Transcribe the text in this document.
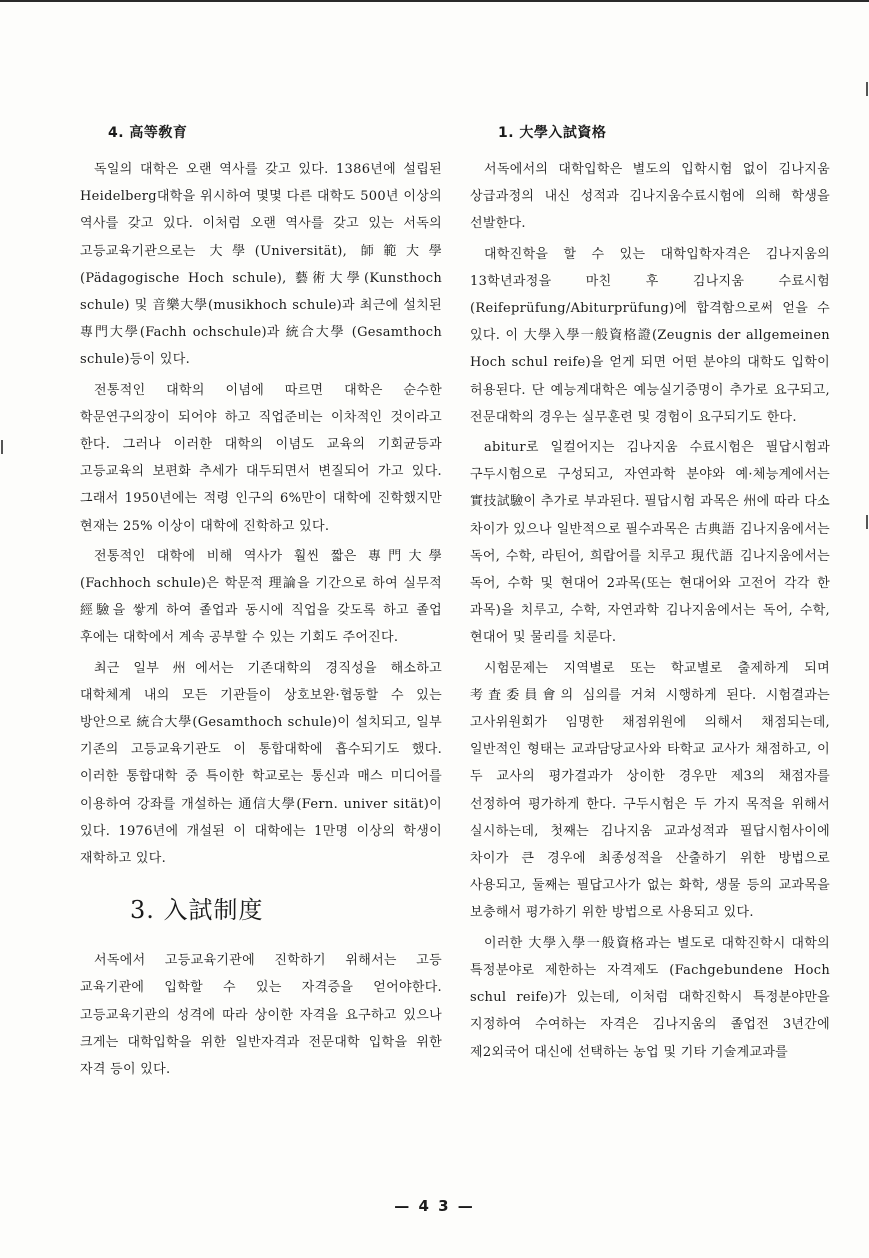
4. 高等敎育

독일의 대학은 오랜 역사를 갖고 있다. 1386년에 설립된 Heidelberg대학을 위시하여 몇몇 다른 대학도 500년 이상의 역사를 갖고 있다. 이처럼 오랜 역사를 갖고 있는 서독의 고등교육기관으로는 大學(Universität), 師範大學(Pädagogische Hoch schule), 藝術大學(Kunsthoch schule) 및 音樂大學(musikhoch schule)과 최근에 설치된 專門大學(Fachh ochschule)과 統合大學 (Gesamthoch schule)등이 있다.

전통적인 대학의 이념에 따르면 대학은 순수한 학문연구의장이 되어야 하고 직업준비는 이차적인 것이라고 한다. 그러나 이러한 대학의 이념도 교육의 기회균등과 고등교육의 보편화 추세가 대두되면서 변질되어 가고 있다. 그래서 1950년에는 적령 인구의 6%만이 대학에 진학했지만 현재는 25% 이상이 대학에 진학하고 있다.

전통적인 대학에 비해 역사가 훨씬 짧은 專門大學(Fachhoch schule)은 학문적 理論을 기간으로 하여 실무적 經驗을 쌓게 하여 졸업과 동시에 직업을 갖도록 하고 졸업 후에는 대학에서 계속 공부할 수 있는 기회도 주어진다.

최근 일부 州에서는 기존대학의 경직성을 해소하고 대학체계 내의 모든 기관들이 상호보완·협동할 수 있는 방안으로 統合大學(Gesamthoch schule)이 설치되고, 일부 기존의 고등교육기관도 이 통합대학에 흡수되기도 했다. 이러한 통합대학 중 특이한 학교로는 통신과 매스 미디어를 이용하여 강좌를 개설하는 通信大學(Fern. univer sität)이 있다. 1976년에 개설된 이 대학에는 1만명 이상의 학생이 재학하고 있다.

3. 入試制度

서독에서 고등교육기관에 진학하기 위해서는 고등 교육기관에 입학할 수 있는 자격증을 얻어야한다. 고등교육기관의 성격에 따라 상이한 자격을 요구하고 있으나 크게는 대학입학을 위한 일반자격과 전문대학 입학을 위한 자격 등이 있다.

1. 大學入試資格

서독에서의 대학입학은 별도의 입학시험 없이 김나지움 상급과정의 내신 성적과 김나지움수료시험에 의해 학생을 선발한다.

대학진학을 할 수 있는 대학입학자격은 김나지움의 13학년과정을 마친 후 김나지움 수료시험 (Reifeprüfung/Abiturprüfung)에 합격함으로써 얻을 수 있다. 이 大學入學一般資格證(Zeugnis der allgemeinen Hoch schul reife)을 얻게 되면 어떤 분야의 대학도 입학이 허용된다. 단 예능계대학은 예능실기증명이 추가로 요구되고, 전문대학의 경우는 실무훈련 및 경험이 요구되기도 한다.

abitur로 일컬어지는 김나지움 수료시험은 필답시험과 구두시험으로 구성되고, 자연과학 분야와 예·체능계에서는 實技試驗이 추가로 부과된다. 필답시험 과목은 州에 따라 다소 차이가 있으나 일반적으로 필수과목은 古典語 김나지움에서는 독어, 수학, 라틴어, 희랍어를 치루고 現代語 김나지움에서는 독어, 수학 및 현대어 2과목(또는 현대어와 고전어 각각 한 과목)을 치루고, 수학, 자연과학 김나지움에서는 독어, 수학, 현대어 및 물리를 치룬다.

시험문제는 지역별로 또는 학교별로 출제하게 되며 考査委員會의 심의를 거쳐 시행하게 된다. 시험결과는 고사위원회가 임명한 채점위원에 의해서 채점되는데, 일반적인 형태는 교과담당교사와 타학교 교사가 채점하고, 이 두 교사의 평가결과가 상이한 경우만 제3의 채점자를 선정하여 평가하게 한다. 구두시험은 두 가지 목적을 위해서 실시하는데, 첫째는 김나지움 교과성적과 필답시험사이에 차이가 큰 경우에 최종성적을 산출하기 위한 방법으로 사용되고, 둘째는 필답고사가 없는 화학, 생물 등의 교과목을 보충해서 평가하기 위한 방법으로 사용되고 있다.

이러한 大學入學一般資格과는 별도로 대학진학시 대학의 특정분야로 제한하는 자격제도 (Fachgebundene Hoch schul reife)가 있는데, 이처럼 대학진학시 특정분야만을 지정하여 수여하는 자격은 김나지움의 졸업전 3년간에 제2외국어 대신에 선택하는 농업 및 기타 기술계교과를

— 4 3 —
